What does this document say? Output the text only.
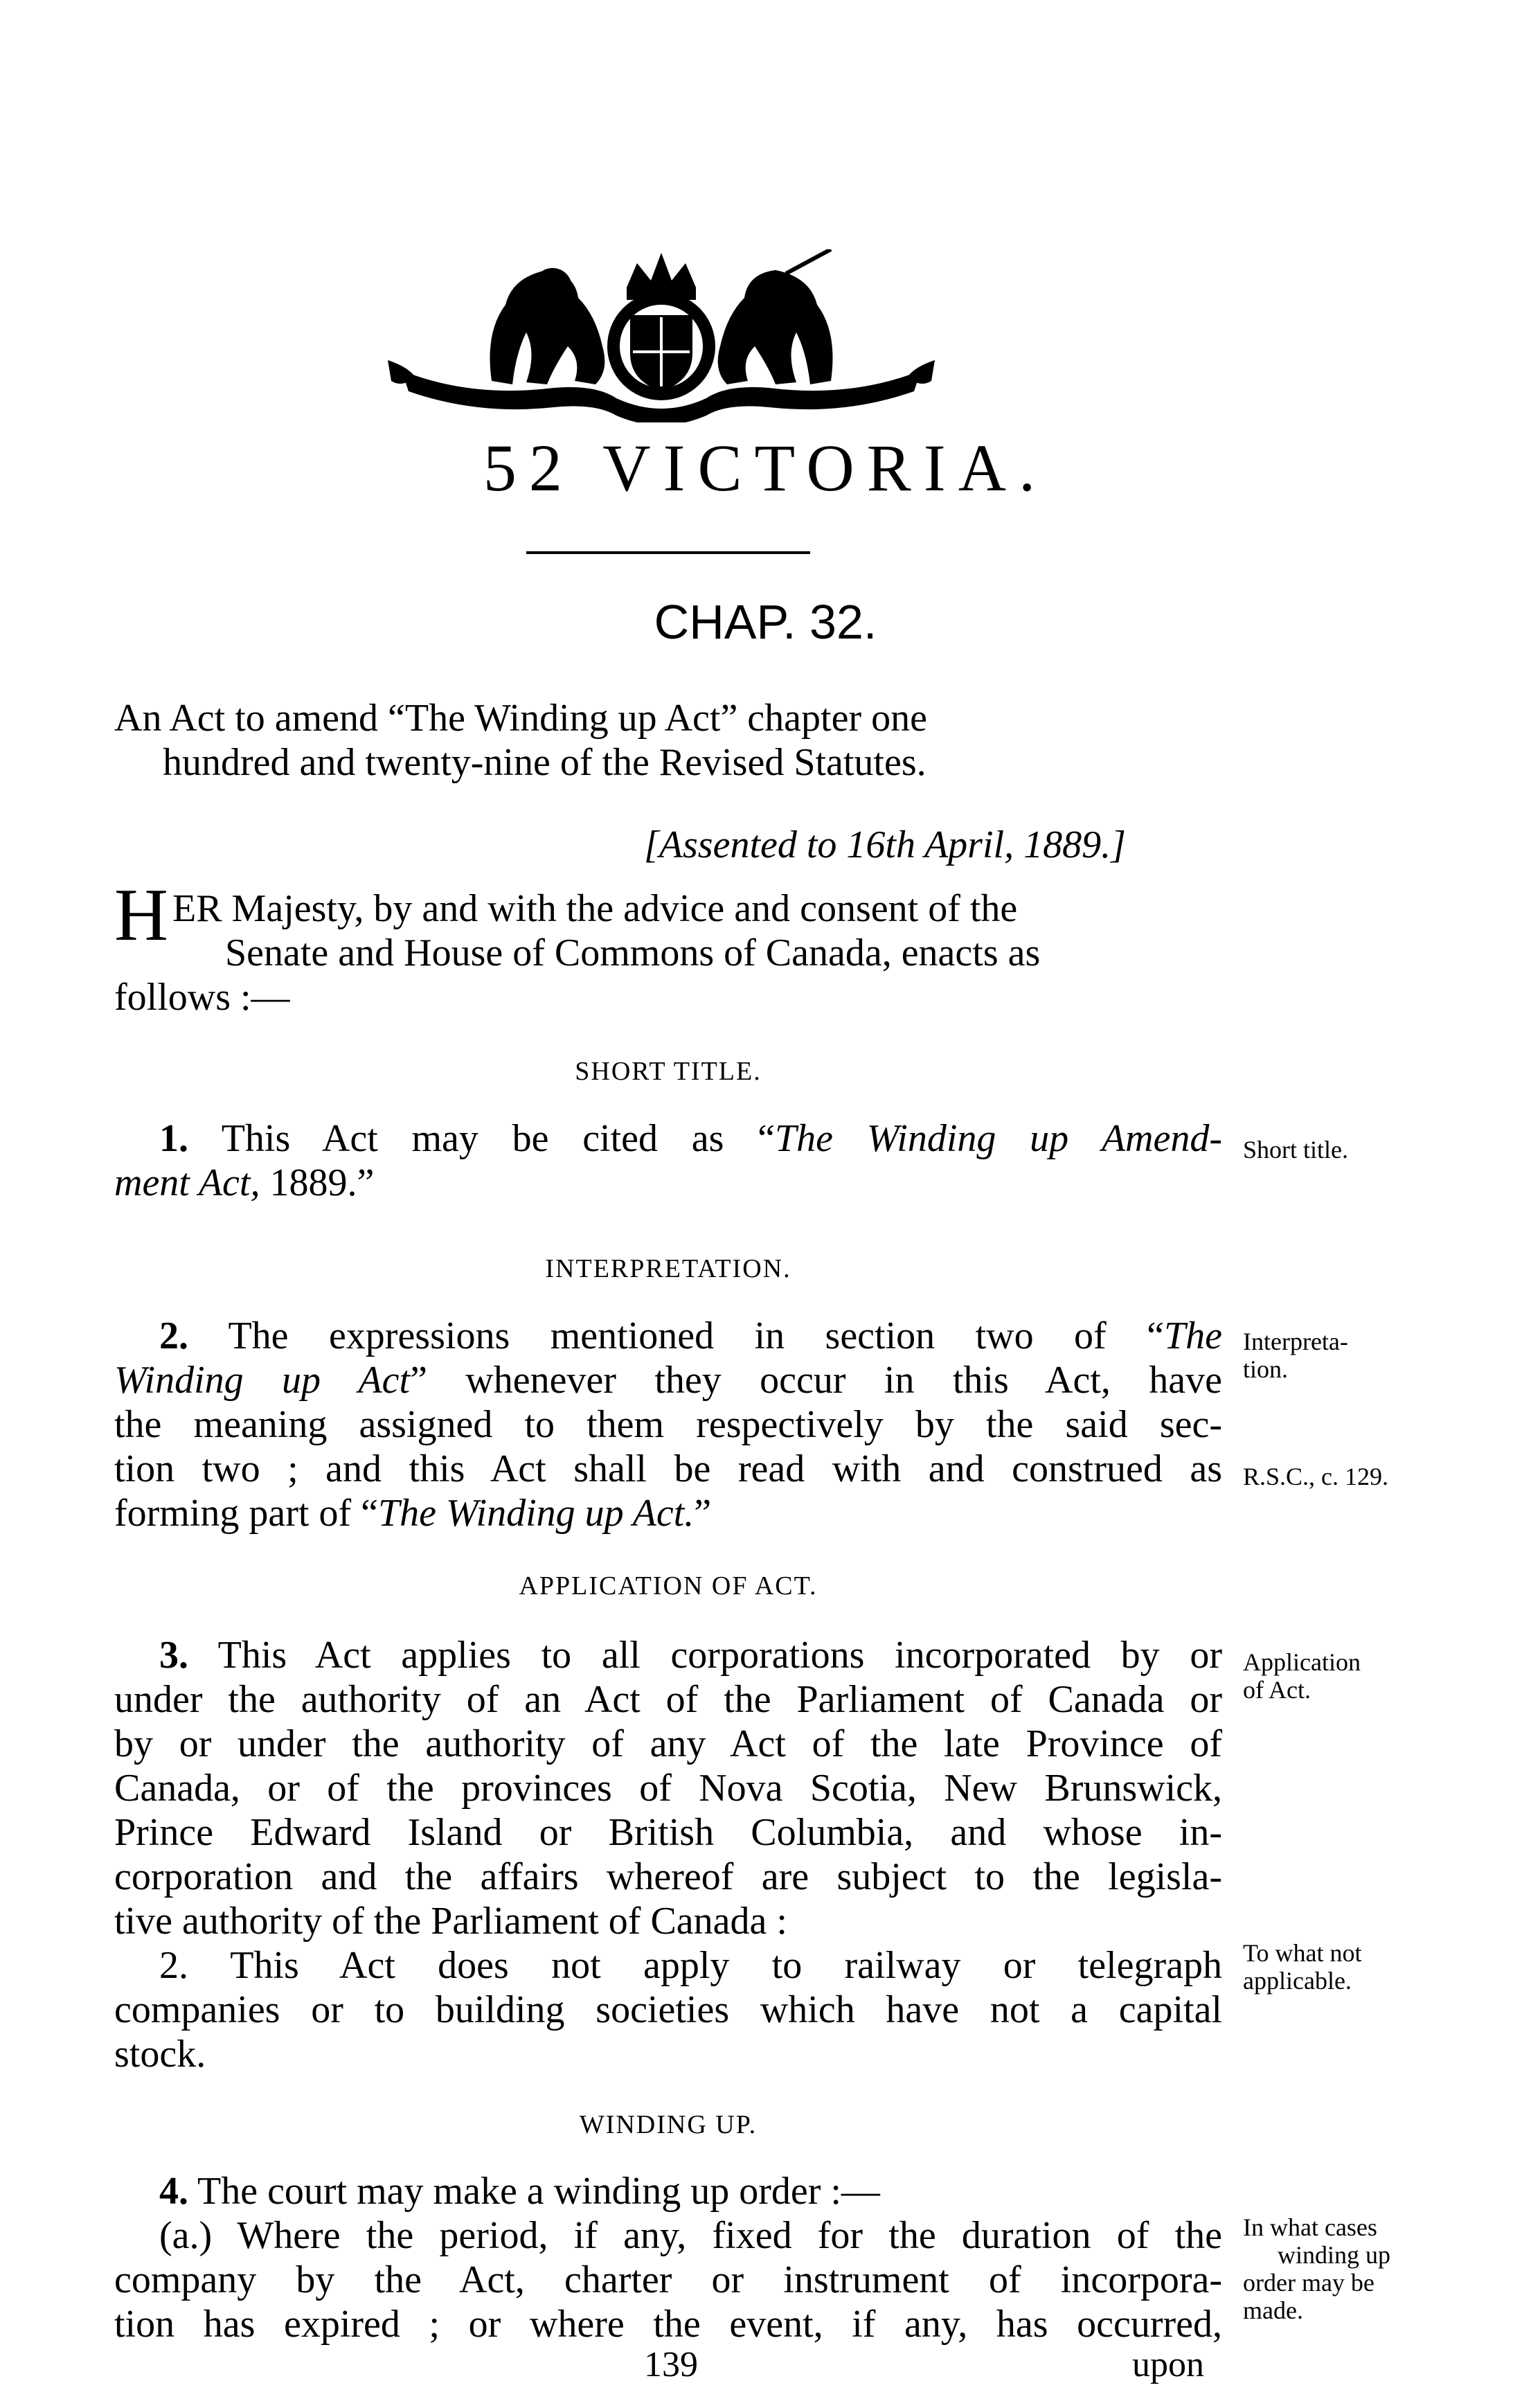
52 VICTORIA.
CHAP. 32.
An Act to amend “The Winding up Act” chapter one
hundred and twenty-nine of the Revised Statutes.
[Assented to 16th April, 1889.]
H ER Majesty, by and with the advice and consent of the
Senate and House of Commons of Canada, enacts as
follows :—
SHORT TITLE.
1. This Act may be cited as “The Winding up Amend-
ment Act, 1889.”
Short title.
INTERPRETATION.
2. The expressions mentioned in section two of “The
Winding up Act” whenever they occur in this Act, have
the meaning assigned to them respectively by the said sec-
tion two ; and this Act shall be read with and construed as
forming part of “The Winding up Act.”
Interpreta-
tion.
R.S.C., c. 129.
APPLICATION OF ACT.
3. This Act applies to all corporations incorporated by or
under the authority of an Act of the Parliament of Canada or
by or under the authority of any Act of the late Province of
Canada, or of the provinces of Nova Scotia, New Brunswick,
Prince Edward Island or British Columbia, and whose in-
corporation and the affairs whereof are subject to the legisla-
tive authority of the Parliament of Canada :
2. This Act does not apply to railway or telegraph
companies or to building societies which have not a capital
stock.
Application
of Act.
To what not
applicable.
WINDING UP.
4. The court may make a winding up order :—
(a.) Where the period, if any, fixed for the duration of the
company by the Act, charter or instrument of incorpora-
tion has expired ; or where the event, if any, has occurred,
In what cases
winding up
order may be
made.
139	upon
